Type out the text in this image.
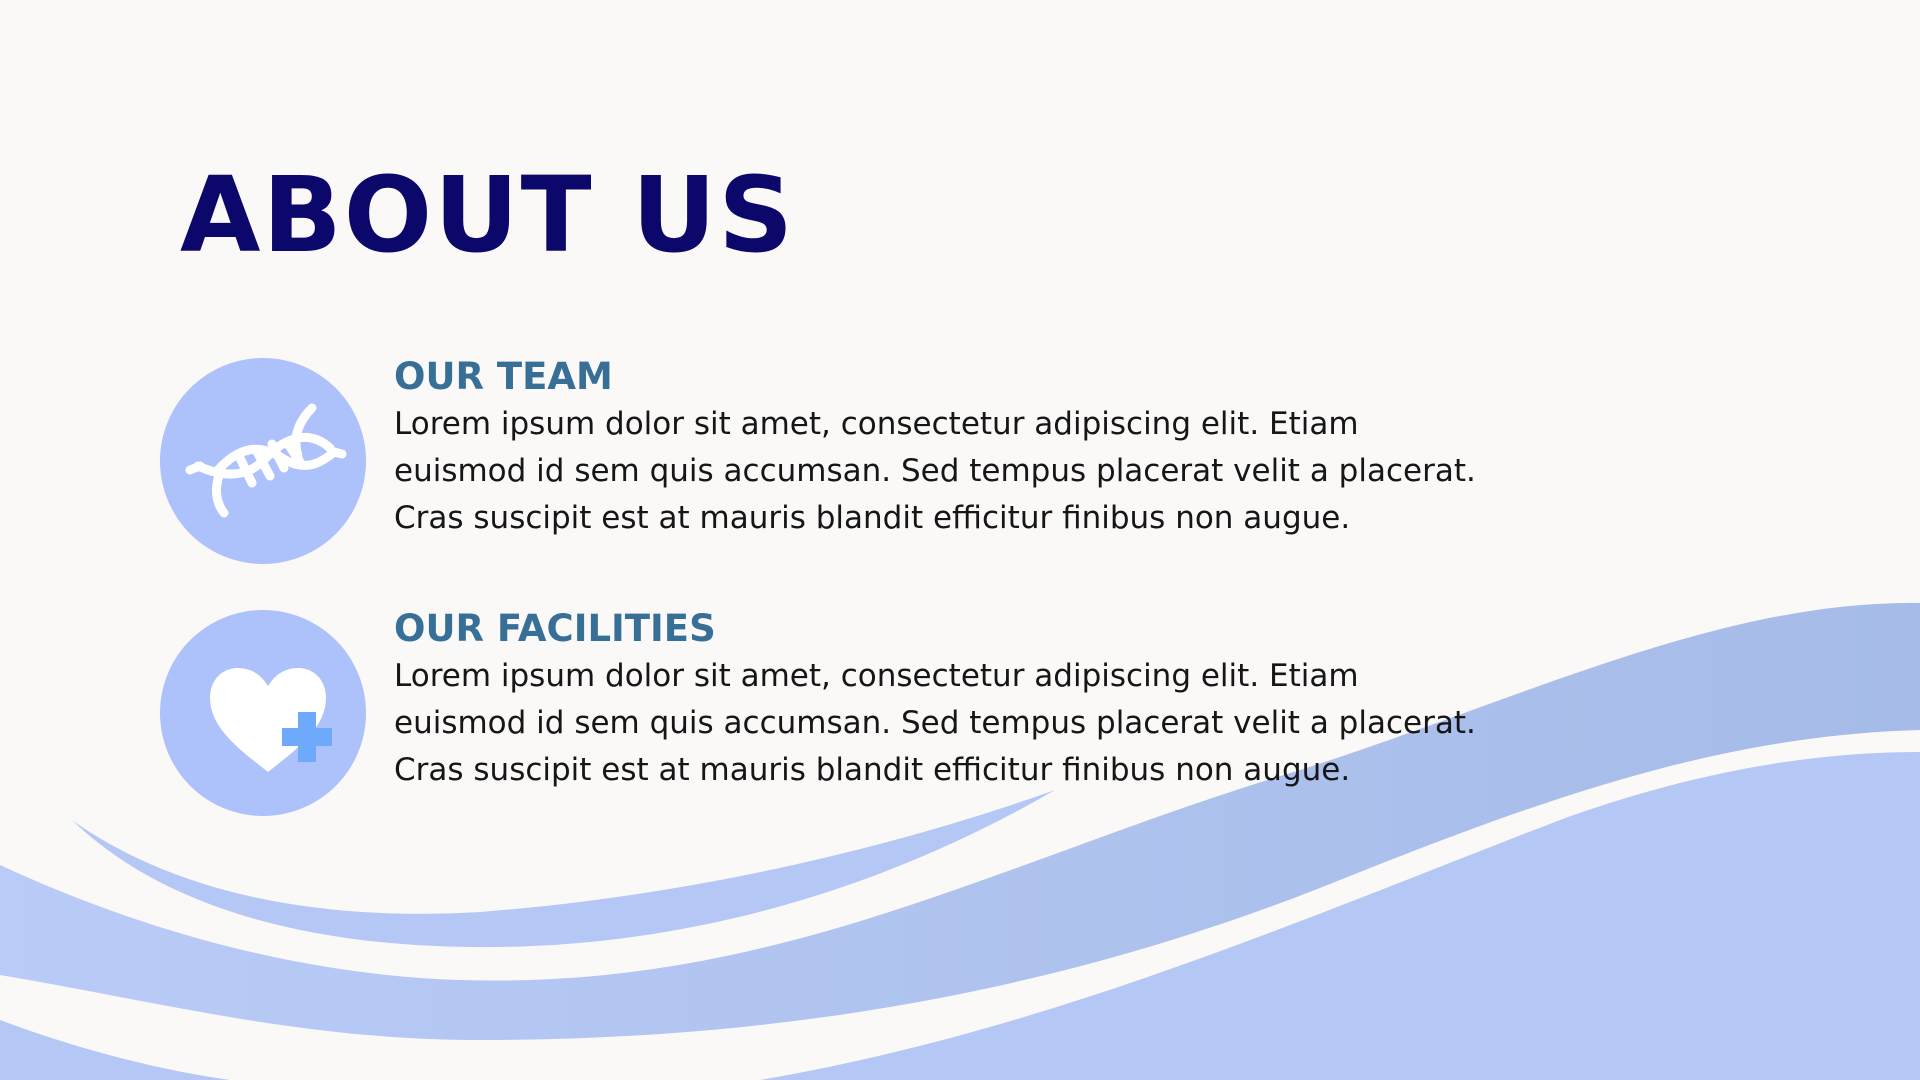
ABOUT US
OUR TEAM

Lorem ipsum dolor sit amet, consectetur adipiscing elit. Etiam
euismod id sem quis accumsan. Sed tempus placerat velit a placerat.
Cras suscipit est at mauris blandit efficitur finibus non augue.

OUR FACILITIES

Lorem ipsum dolor sit amet, consectetur adipiscing elit. Etiam
euismod id sem quis accumsan. Sed tempus placerat velit a placerat.
Cras suscipit est at mauris blandit efficitur finibus non augue.
